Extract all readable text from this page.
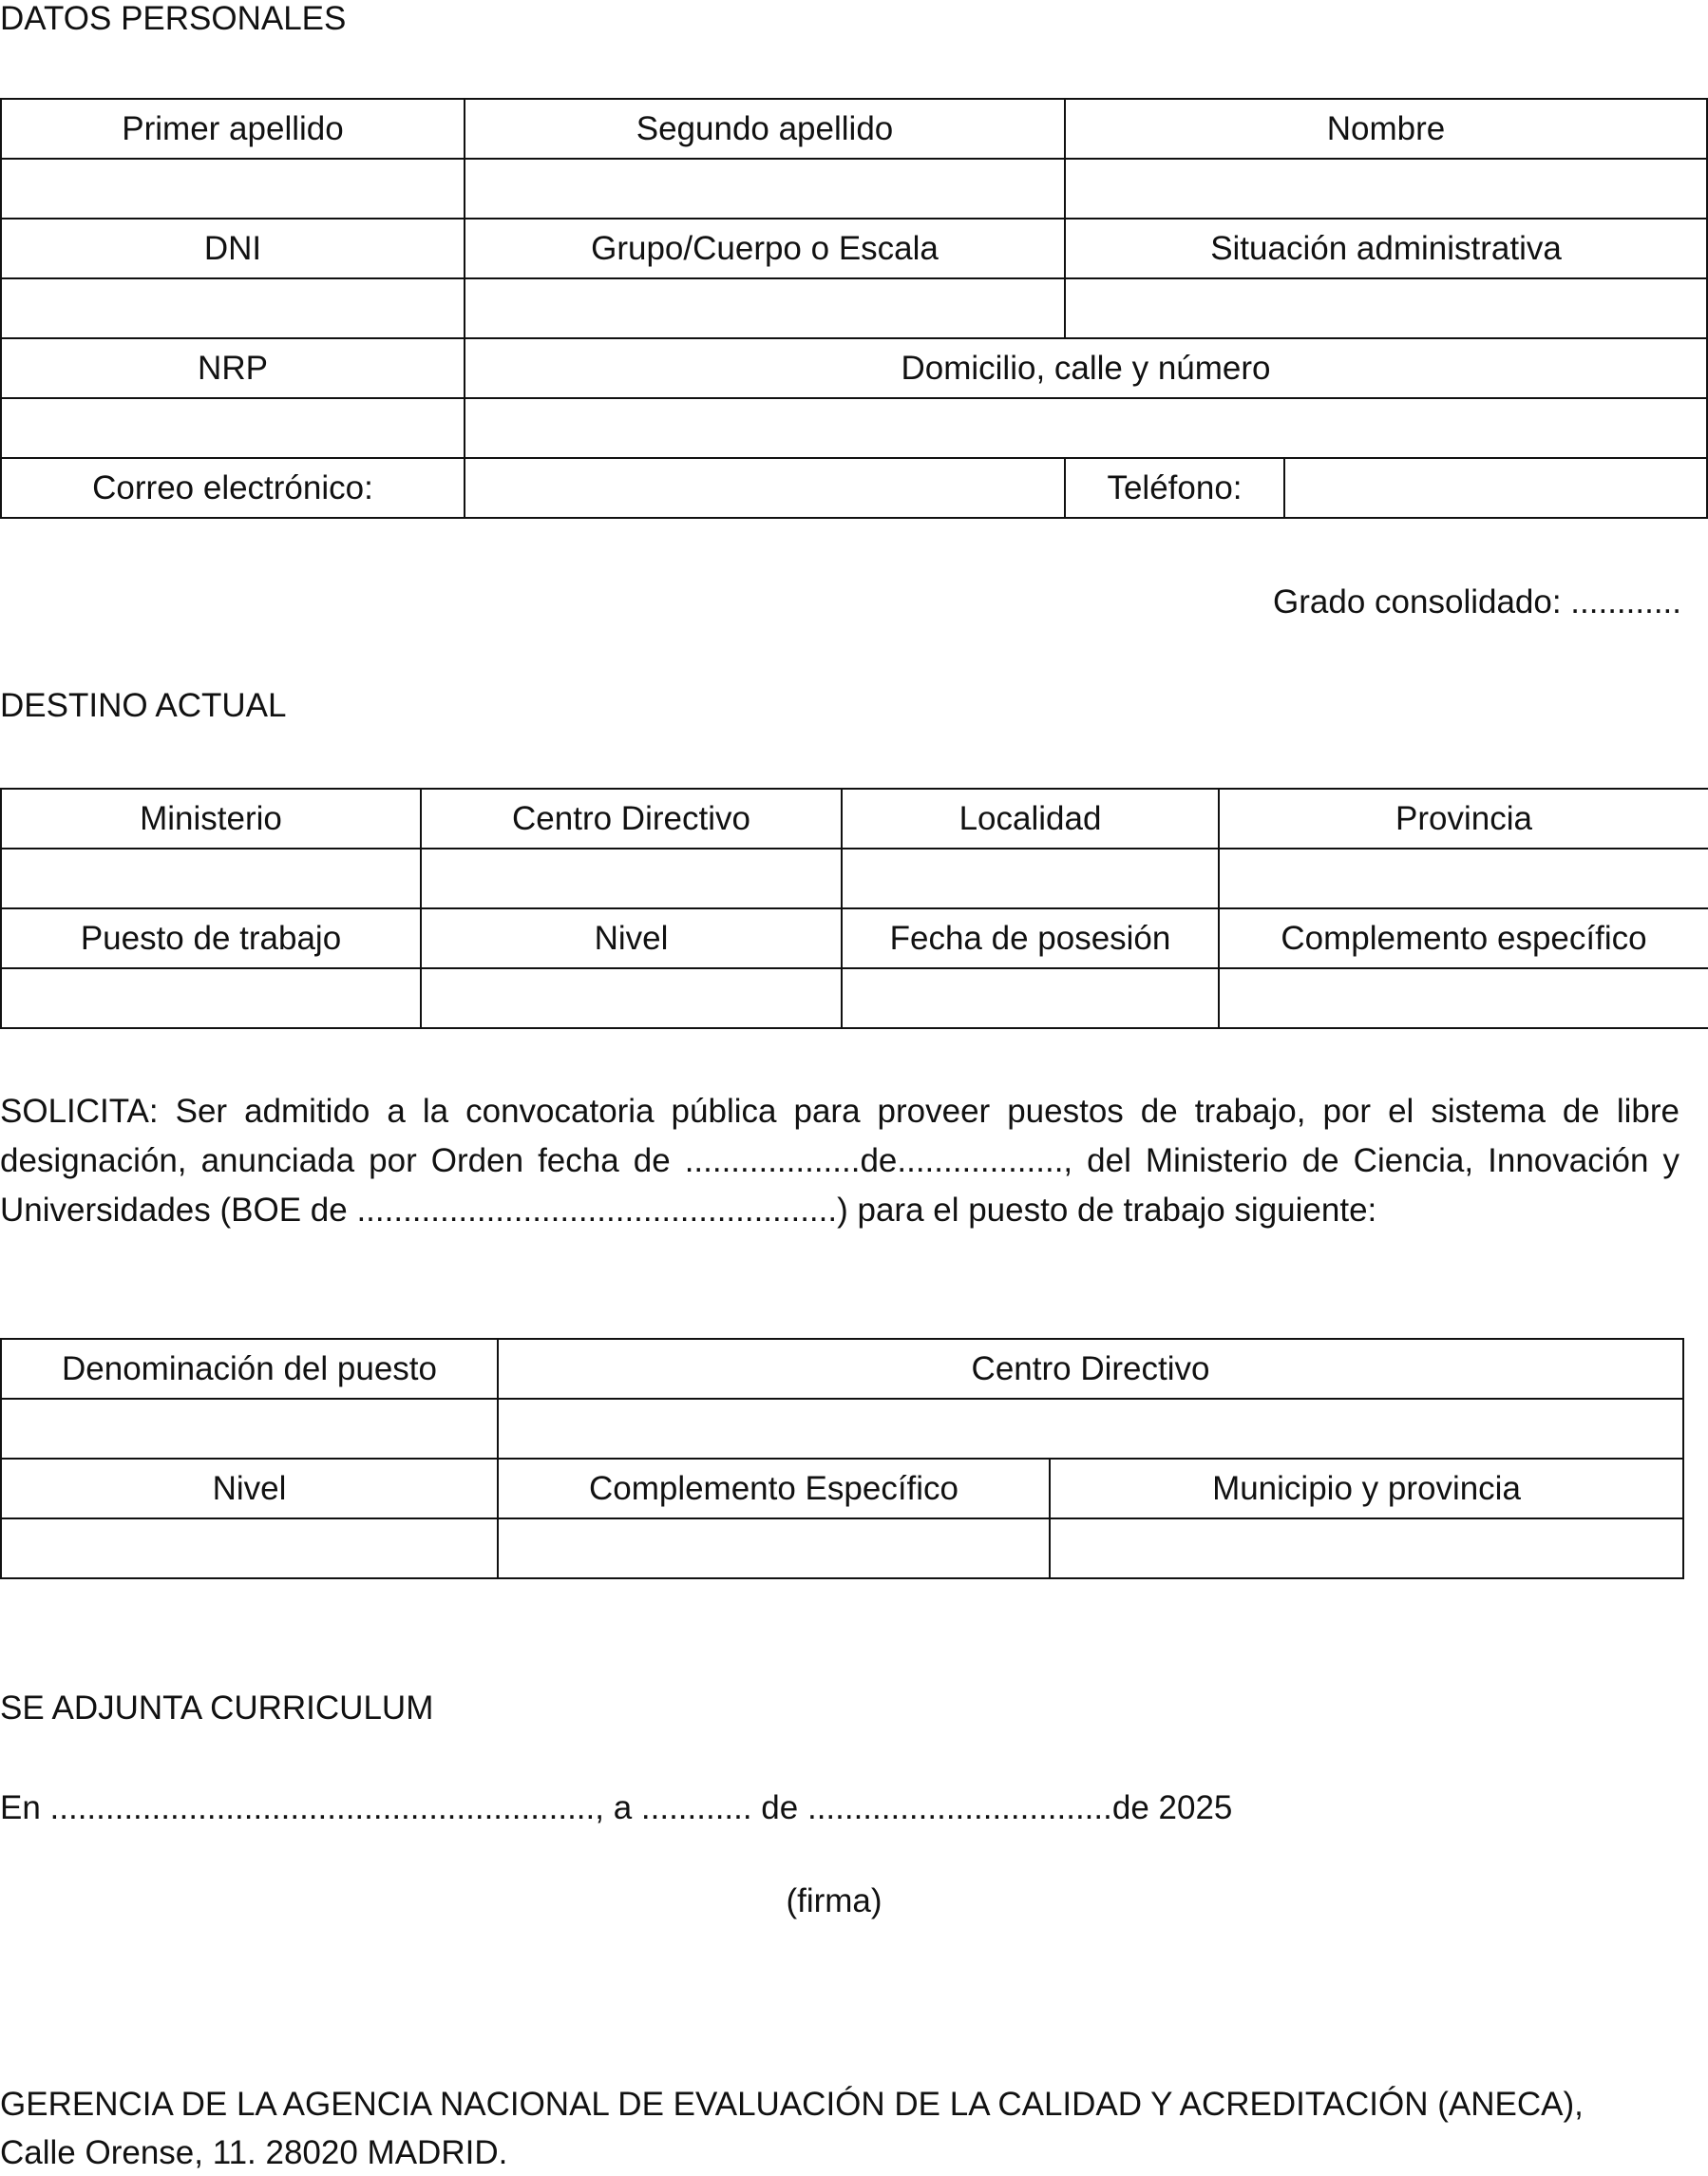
DATOS PERSONALES
Primer apellido	Segundo apellido	Nombre	

DNI	Grupo/Cuerpo o Escala	Situación administrativa	

NRP	Domicilio, calle y número		

Correo electrónico:		Teléfono:	
Grado consolidado: ............
DESTINO ACTUAL
Ministerio	Centro Directivo	Localidad	Provincia

Puesto de trabajo	Nivel	Fecha de posesión	Complemento específico

SOLICITA: Ser admitido a la convocatoria pública para proveer puestos de trabajo, por el sistema de libre designación, anunciada por Orden fecha de ...................de.................., del Ministerio de Ciencia, Innovación y Universidades (BOE de ....................................................) para el puesto de trabajo siguiente:
Denominación del puesto	Centro Directivo	

Nivel	Complemento Específico	Municipio y provincia

SE ADJUNTA CURRICULUM
En ..........................................................., a ............ de .................................de 2025
(firma)
GERENCIA DE LA AGENCIA NACIONAL DE EVALUACIÓN DE LA CALIDAD Y ACREDITACIÓN (ANECA),
Calle Orense, 11. 28020 MADRID.
